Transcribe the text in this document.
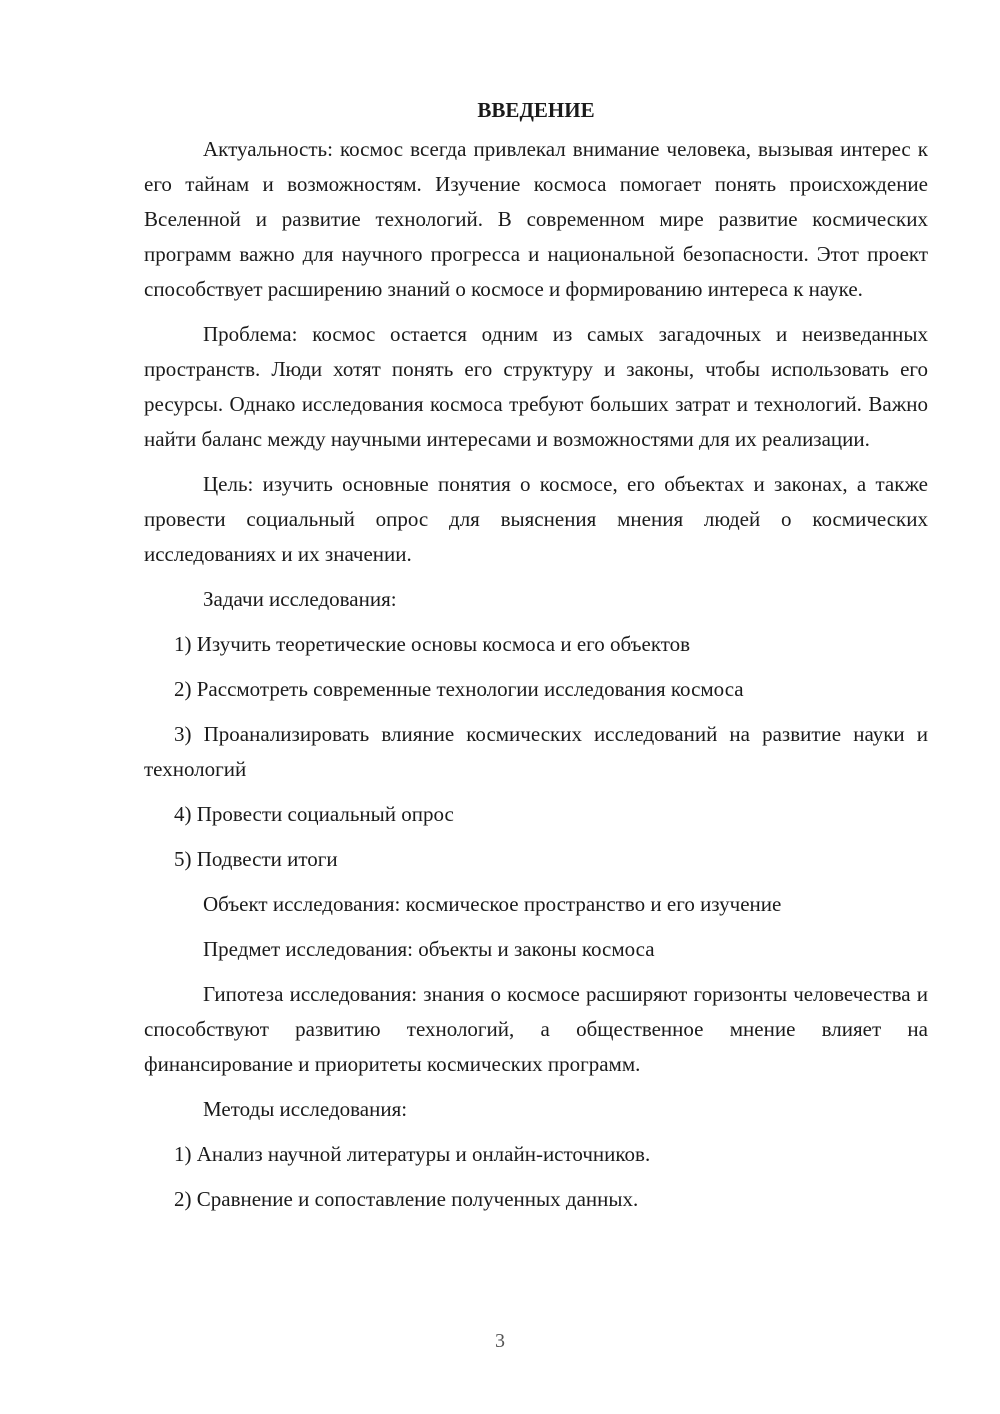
ВВЕДЕНИЕ

Актуальность: космос всегда привлекал внимание человека, вызывая интерес к его тайнам и возможностям. Изучение космоса помогает понять происхождение Вселенной и развитие технологий. В современном мире развитие космических программ важно для научного прогресса и национальной безопасности. Этот проект способствует расширению знаний о космосе и формированию интереса к науке.

Проблема: космос остается одним из самых загадочных и неизведанных пространств. Люди хотят понять его структуру и законы, чтобы использовать его ресурсы. Однако исследования космоса требуют больших затрат и технологий. Важно найти баланс между научными интересами и возможностями для их реализации.

Цель: изучить основные понятия о космосе, его объектах и законах, а также провести социальный опрос для выяснения мнения людей о космических исследованиях и их значении.

Задачи исследования:

1) Изучить теоретические основы космоса и его объектов

2) Рассмотреть современные технологии исследования космоса

3) Проанализировать влияние космических исследований на развитие науки и технологий

4) Провести социальный опрос

5) Подвести итоги

Объект исследования: космическое пространство и его изучение

Предмет исследования: объекты и законы космоса

Гипотеза исследования: знания о космосе расширяют горизонты человечества и способствуют развитию технологий, а общественное мнение влияет на финансирование и приоритеты космических программ.

Методы исследования:

1) Анализ научной литературы и онлайн-источников.

2) Сравнение и сопоставление полученных данных.

3
